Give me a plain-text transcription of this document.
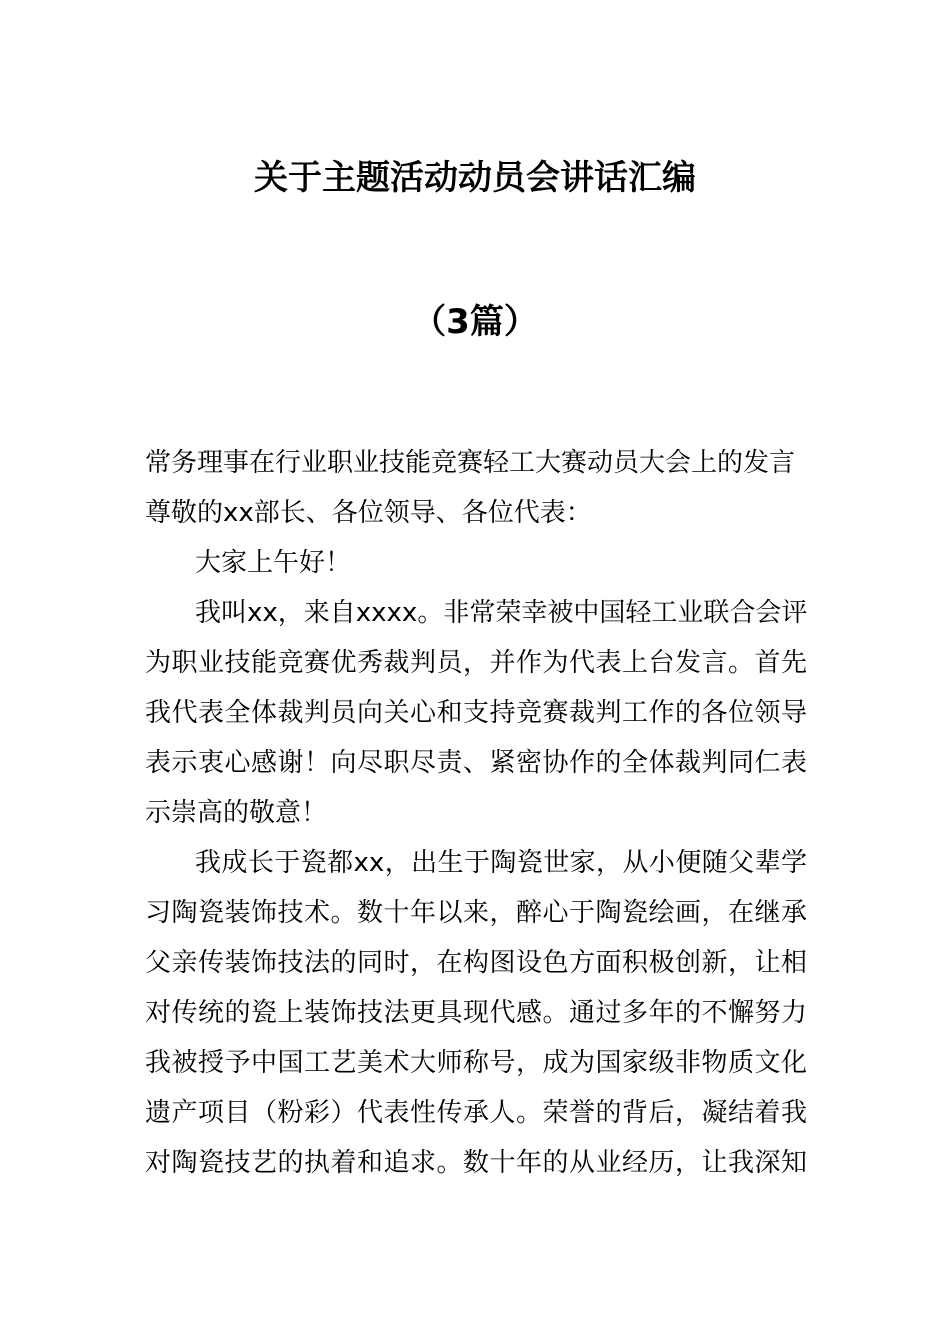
关于主题活动动员会讲话汇编
（3篇）
常务理事在行业职业技能竞赛轻工大赛动员大会上的发言
尊敬的xx部长、各位领导、各位代表：
大家上午好！
我叫xx，来自xxxx。非常荣幸被中国轻工业联合会评
为职业技能竞赛优秀裁判员，并作为代表上台发言。首先
我代表全体裁判员向关心和支持竞赛裁判工作的各位领导
表示衷心感谢！向尽职尽责、紧密协作的全体裁判同仁表
示崇高的敬意！
我成长于瓷都xx，出生于陶瓷世家，从小便随父辈学
习陶瓷装饰技术。数十年以来，醉心于陶瓷绘画，在继承
父亲传装饰技法的同时，在构图设色方面积极创新，让相
对传统的瓷上装饰技法更具现代感。通过多年的不懈努力
我被授予中国工艺美术大师称号，成为国家级非物质文化
遗产项目（粉彩）代表性传承人。荣誉的背后，凝结着我
对陶瓷技艺的执着和追求。数十年的从业经历，让我深知
